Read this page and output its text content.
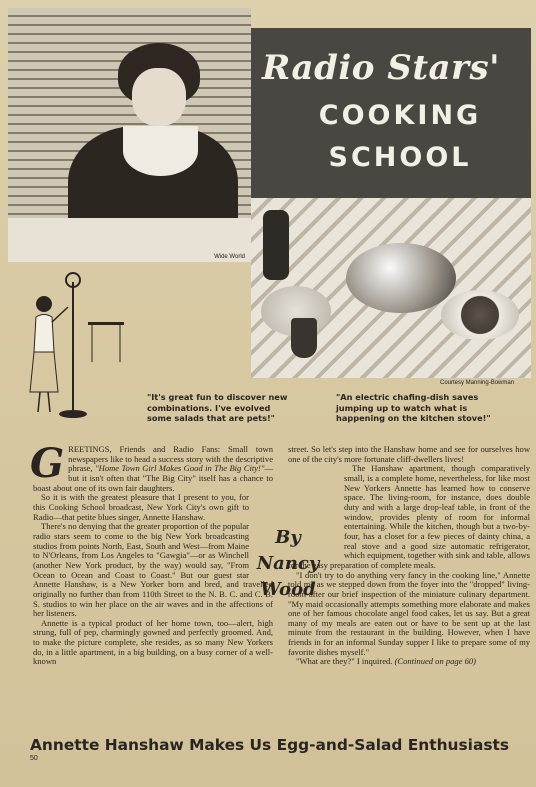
Wide World
Radio Stars'
COOKING
SCHOOL
Courtesy Manning-Bowman
"It's great fun to discover new combinations. I've evolved some salads that are pets!"
"An electric chafing-dish saves jumping up to watch what is happening on the kitchen stove!"
By Nancy
Wood

GREETINGS, Friends and Radio Fans: Small town newspapers like to head a success story with the descriptive phrase, "Home Town Girl Makes Good in The Big City!"—but it isn't often that "The Big City" itself has a chance to boast about one of its own fair daughters.

So it is with the greatest pleasure that I present to you, for this Cooking School broadcast, New York City's own gift to Radio—that petite blues singer, Annette Hanshaw.

There's no denying that the greater proportion of the popular radio stars seem to come to the big New York broadcasting studios from points North, East, South and West—from Maine to N'Orleans, from Los Angeles to "Gawgia"—or as Winchell (another New York product, by the way) would say, "From Ocean to Ocean and Coast to Coast." But our guest star Annette Hanshaw, is a New Yorker born and bred, and travelled originally no further than from 110th Street to the N. B. C. and C. B. S. studios to win her place on the air waves and in the affections of her listeners.

Annette is a typical product of her home town, too—alert, high strung, full of pep, charmingly gowned and perfectly groomed. And, to make the picture complete, she resides, as so many New Yorkers do, in a little apartment, in a big building, on a busy corner of a well-known

street. So let's step into the Hanshaw home and see for ourselves how one of the city's more fortunate cliff-dwellers lives!

The Hanshaw apartment, though comparatively small, is a complete home, nevertheless, for like most New Yorkers Annette has learned how to conserve space. The living-room, for instance, does double duty and with a large drop-leaf table, in front of the window, provides plenty of room for informal entertaining. While the kitchen, though but a two-by-four, has a closet for a few pieces of dainty china, a real stove and a good size automatic refrigerator, which equipment, together with sink and table, allows for the easy preparation of complete meals.

"I don't try to do anything very fancy in the cooking line," Annette told me as we stepped down from the foyer into the "dropped" living-room after our brief inspection of the miniature culinary department. "My maid occasionally attempts something more elaborate and makes one of her famous chocolate angel food cakes, let us say. But a great many of my meals are eaten out or have to be sent up at the last minute from the restaurant in the building. However, when I have friends in for an informal Sunday supper I like to prepare some of my favorite dishes myself."

"What are they?" I inquired. (Continued on page 60)

Annette Hanshaw Makes Us Egg-and-Salad Enthusiasts
50
